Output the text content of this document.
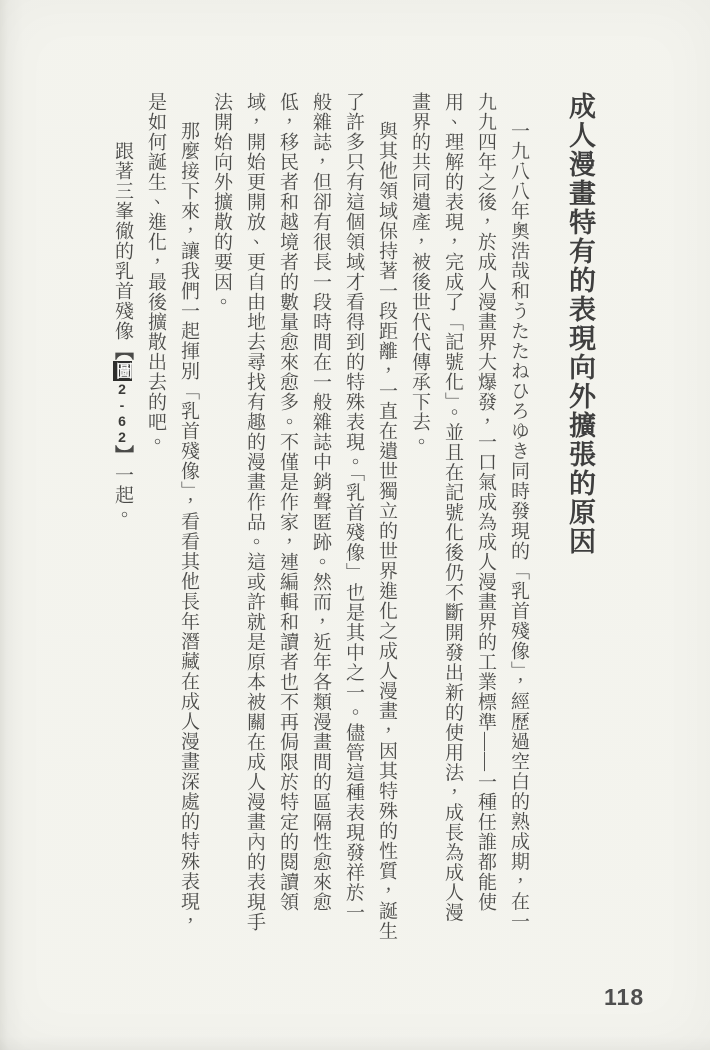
成人漫畫特有的表現向外擴張的原因

一九八八年奧浩哉和うたたねひろゆき同時發現的「乳首殘像」，經歷過空白的熟成期，在一九九四年之後，於成人漫畫界大爆發，一口氣成為成人漫畫界的工業標準——一種任誰都能使用、理解的表現，完成了「記號化」。並且在記號化後仍不斷開發出新的使用法，成長為成人漫畫界的共同遺產，被後世代代傳承下去。

與其他領域保持著一段距離，一直在遺世獨立的世界進化之成人漫畫，因其特殊的性質，誕生了許多只有這個領域才看得到的特殊表現。「乳首殘像」也是其中之一。儘管這種表現發祥於一般雜誌，但卻有很長一段時間在一般雜誌中銷聲匿跡。然而，近年各類漫畫間的區隔性愈來愈低，移民者和越境者的數量愈來愈多。不僅是作家，連編輯和讀者也不再侷限於特定的閱讀領域，開始更開放、更自由地去尋找有趣的漫畫作品。這或許就是原本被關在成人漫畫內的表現手法開始向外擴散的要因。

那麼接下來，讓我們一起揮別「乳首殘像」，看看其他長年潛藏在成人漫畫深處的特殊表現，是如何誕生、進化，最後擴散出去的吧。

跟著三峯徹的乳首殘像【圖2-62】一起。

118
